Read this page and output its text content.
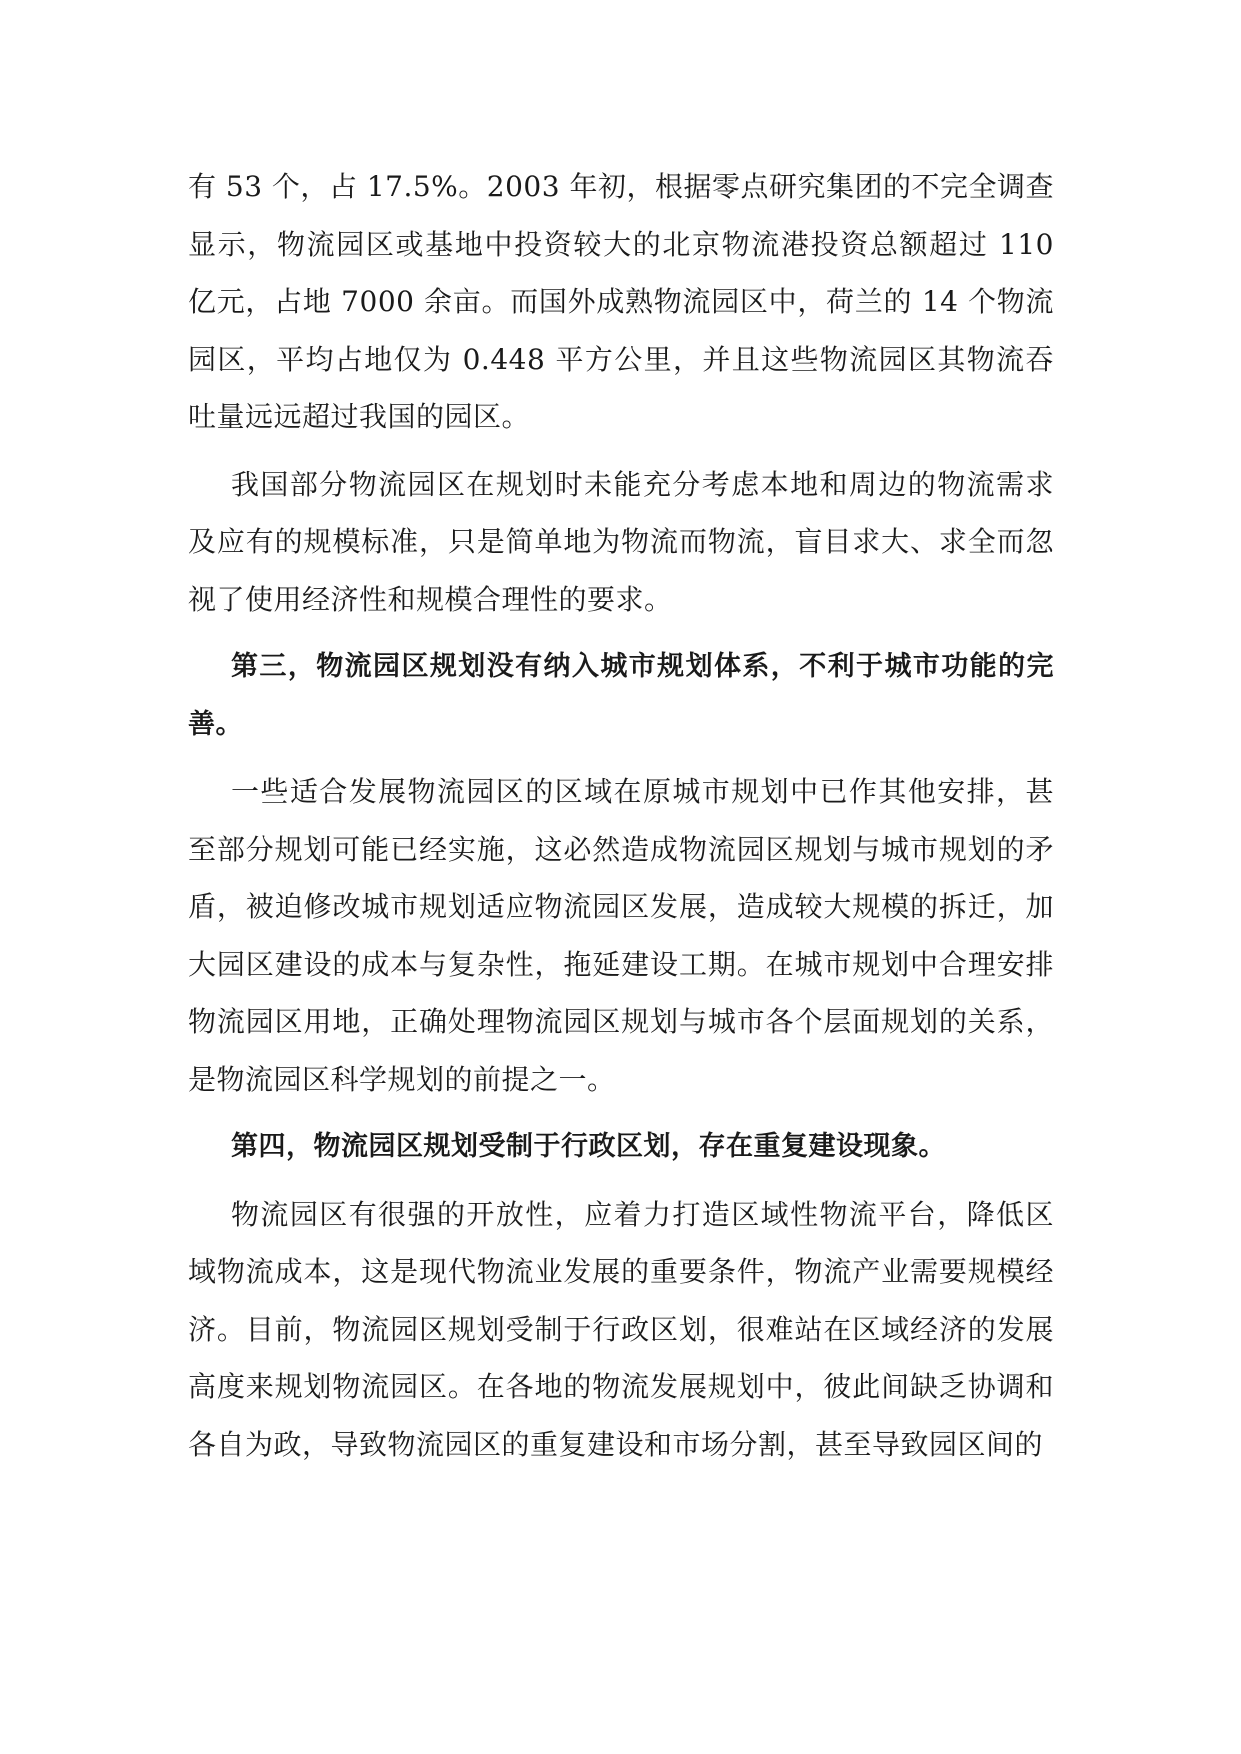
有 53 个，占 17.5%。2003 年初，根据零点研究集团的不完全调查显示，物流园区或基地中投资较大的北京物流港投资总额超过 110 亿元，占地 7000 余亩。而国外成熟物流园区中，荷兰的 14 个物流园区，平均占地仅为 0.448 平方公里，并且这些物流园区其物流吞吐量远远超过我国的园区。

我国部分物流园区在规划时未能充分考虑本地和周边的物流需求及应有的规模标准，只是简单地为物流而物流，盲目求大、求全而忽视了使用经济性和规模合理性的要求。

第三，物流园区规划没有纳入城市规划体系，不利于城市功能的完善。

一些适合发展物流园区的区域在原城市规划中已作其他安排，甚至部分规划可能已经实施，这必然造成物流园区规划与城市规划的矛盾，被迫修改城市规划适应物流园区发展，造成较大规模的拆迁，加大园区建设的成本与复杂性，拖延建设工期。在城市规划中合理安排物流园区用地，正确处理物流园区规划与城市各个层面规划的关系，是物流园区科学规划的前提之一。

第四，物流园区规划受制于行政区划，存在重复建设现象。

物流园区有很强的开放性，应着力打造区域性物流平台，降低区域物流成本，这是现代物流业发展的重要条件，物流产业需要规模经济。目前，物流园区规划受制于行政区划，很难站在区域经济的发展高度来规划物流园区。在各地的物流发展规划中，彼此间缺乏协调和各自为政，导致物流园区的重复建设和市场分割，甚至导致园区间的
